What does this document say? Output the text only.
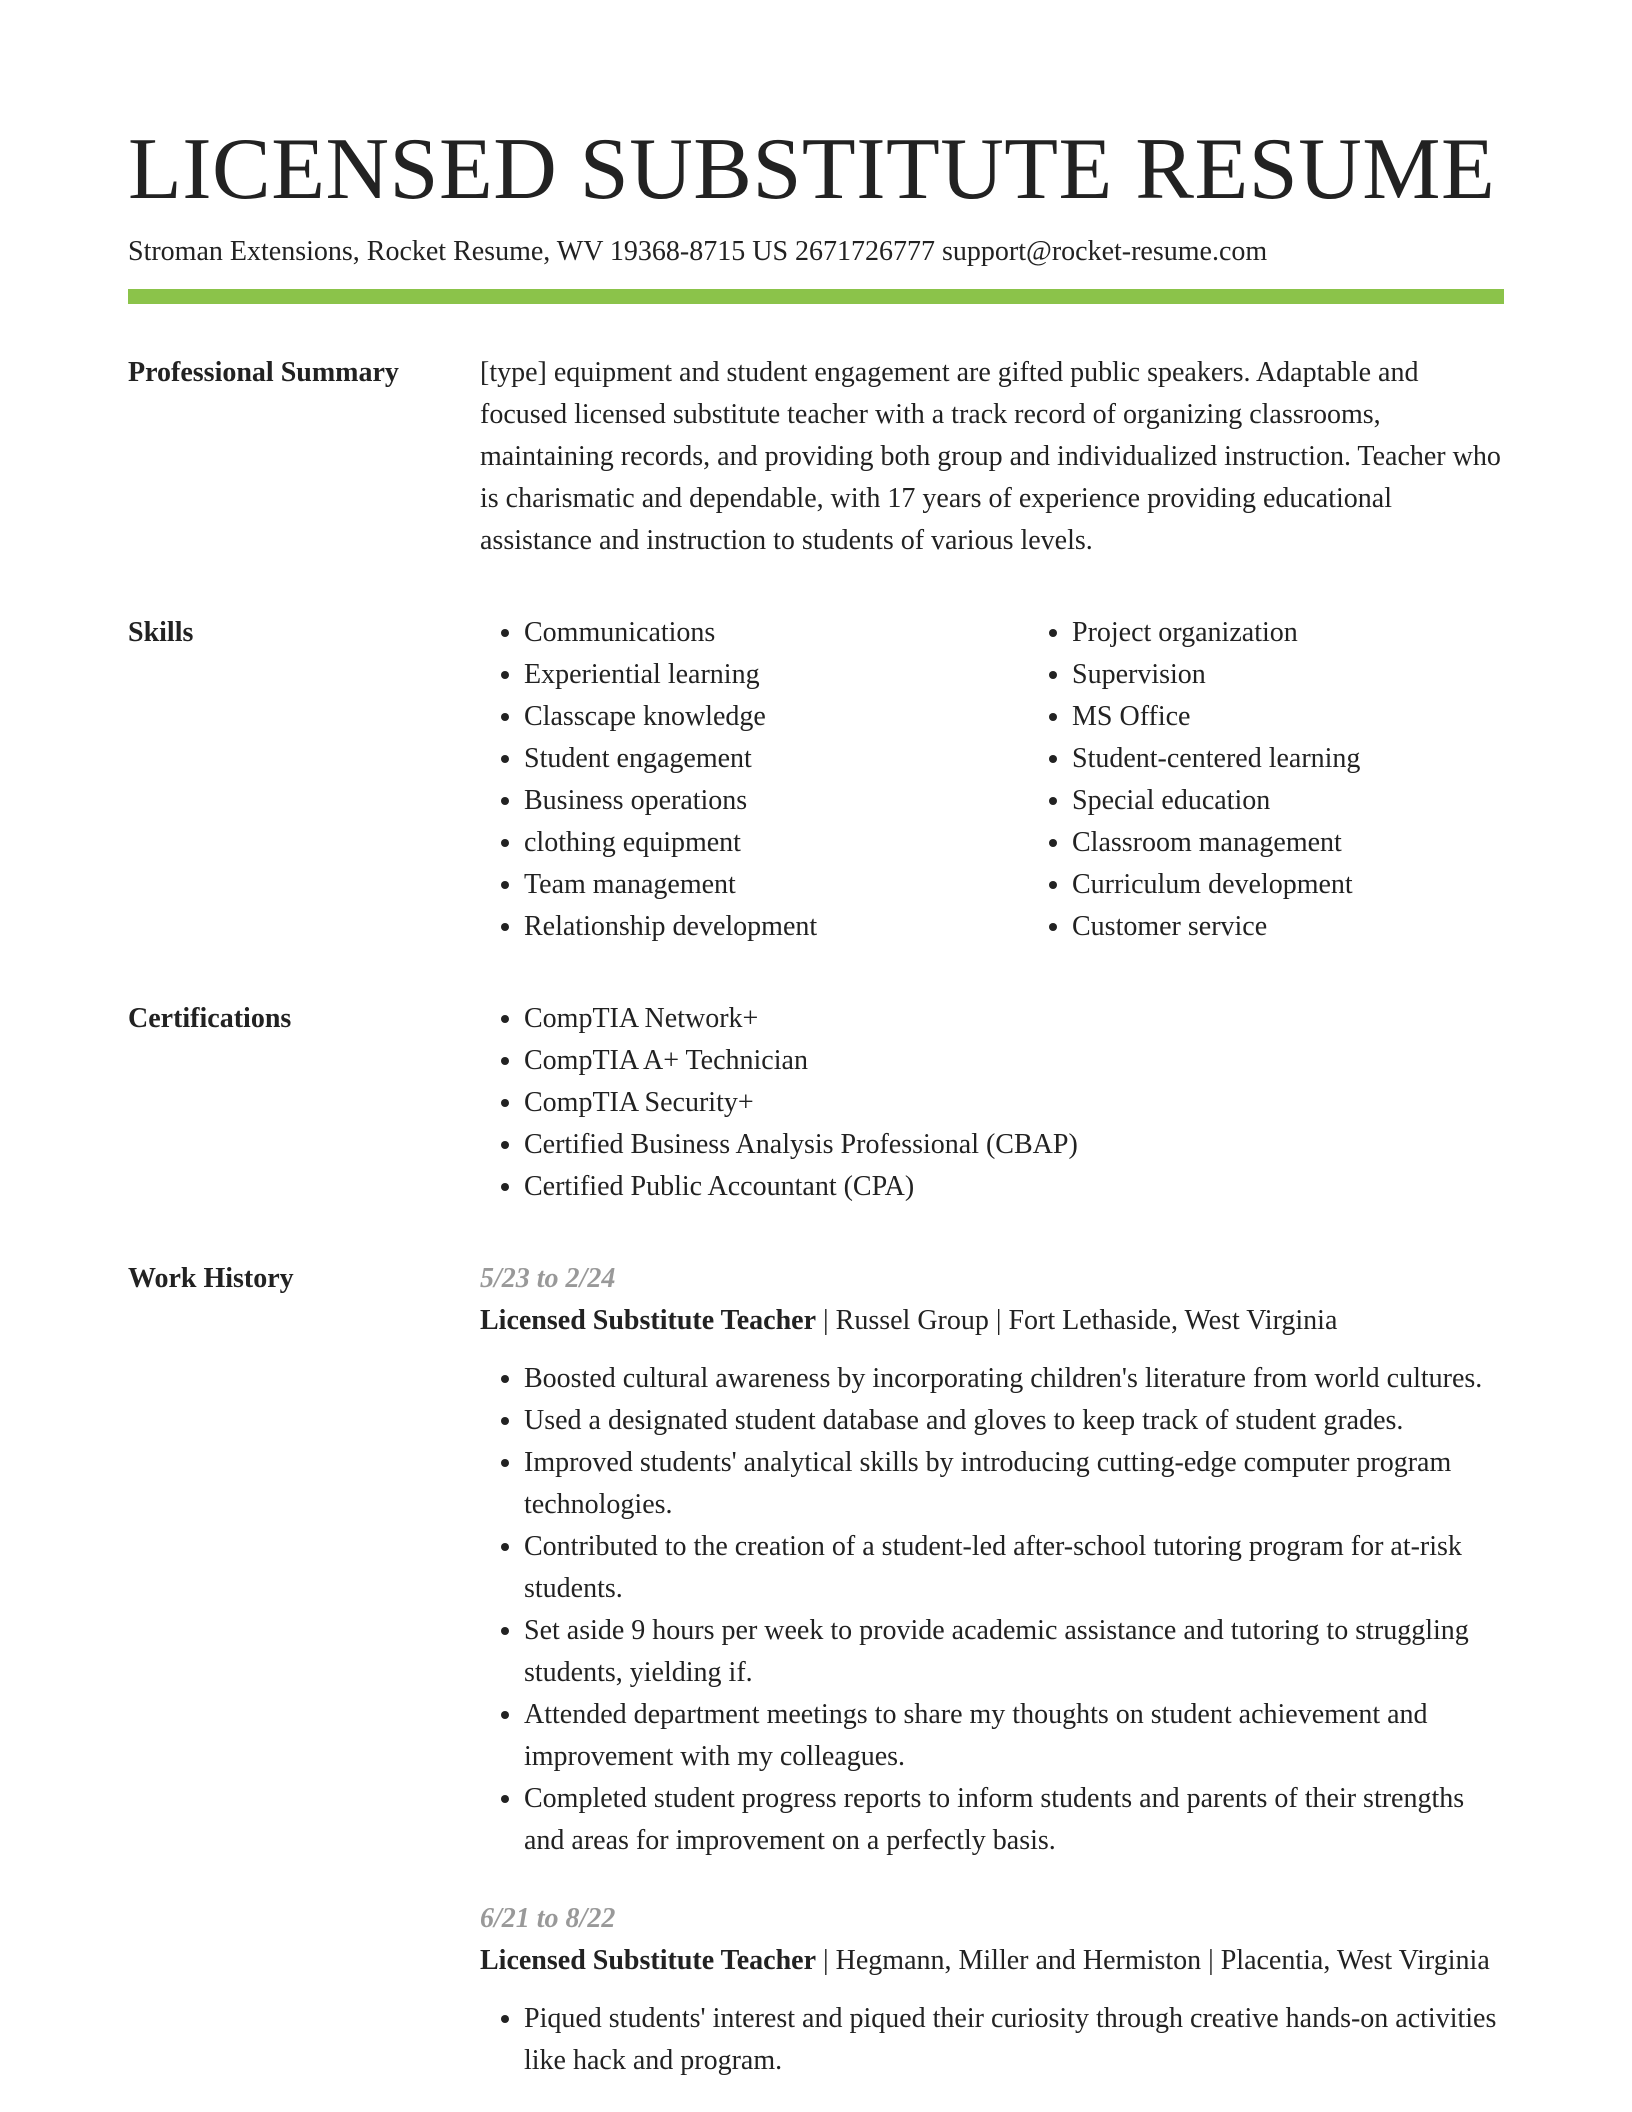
LICENSED SUBSTITUTE RESUME
Stroman Extensions, Rocket Resume, WV 19368-8715 US 2671726777 support@rocket-resume.com
Professional Summary	[type] equipment and student engagement are gifted public speakers. Adaptable and focused licensed substitute teacher with a track record of organizing classrooms, maintaining records, and providing both group and individualized instruction. Teacher who is charismatic and dependable, with 17 years of experience providing educational assistance and instruction to students of various levels.
Skills	• Communications
• Experiential learning
• Classcape knowledge
• Student engagement
• Business operations
• clothing equipment
• Team management
• Relationship development
• Project organization
• Supervision
• MS Office
• Student-centered learning
• Special education
• Classroom management
• Curriculum development
• Customer service
Certifications	• CompTIA Network+
• CompTIA A+ Technician
• CompTIA Security+
• Certified Business Analysis Professional (CBAP)
• Certified Public Accountant (CPA)
Work History	5/23 to 2/24
Licensed Substitute Teacher | Russel Group | Fort Lethaside, West Virginia
• Boosted cultural awareness by incorporating children's literature from world cultures.
• Used a designated student database and gloves to keep track of student grades.
• Improved students' analytical skills by introducing cutting-edge computer program technologies.
• Contributed to the creation of a student-led after-school tutoring program for at-risk students.
• Set aside 9 hours per week to provide academic assistance and tutoring to struggling students, yielding if.
• Attended department meetings to share my thoughts on student achievement and improvement with my colleagues.
• Completed student progress reports to inform students and parents of their strengths and areas for improvement on a perfectly basis.
6/21 to 8/22
Licensed Substitute Teacher | Hegmann, Miller and Hermiston | Placentia, West Virginia
• Piqued students' interest and piqued their curiosity through creative hands-on activities like hack and program.
